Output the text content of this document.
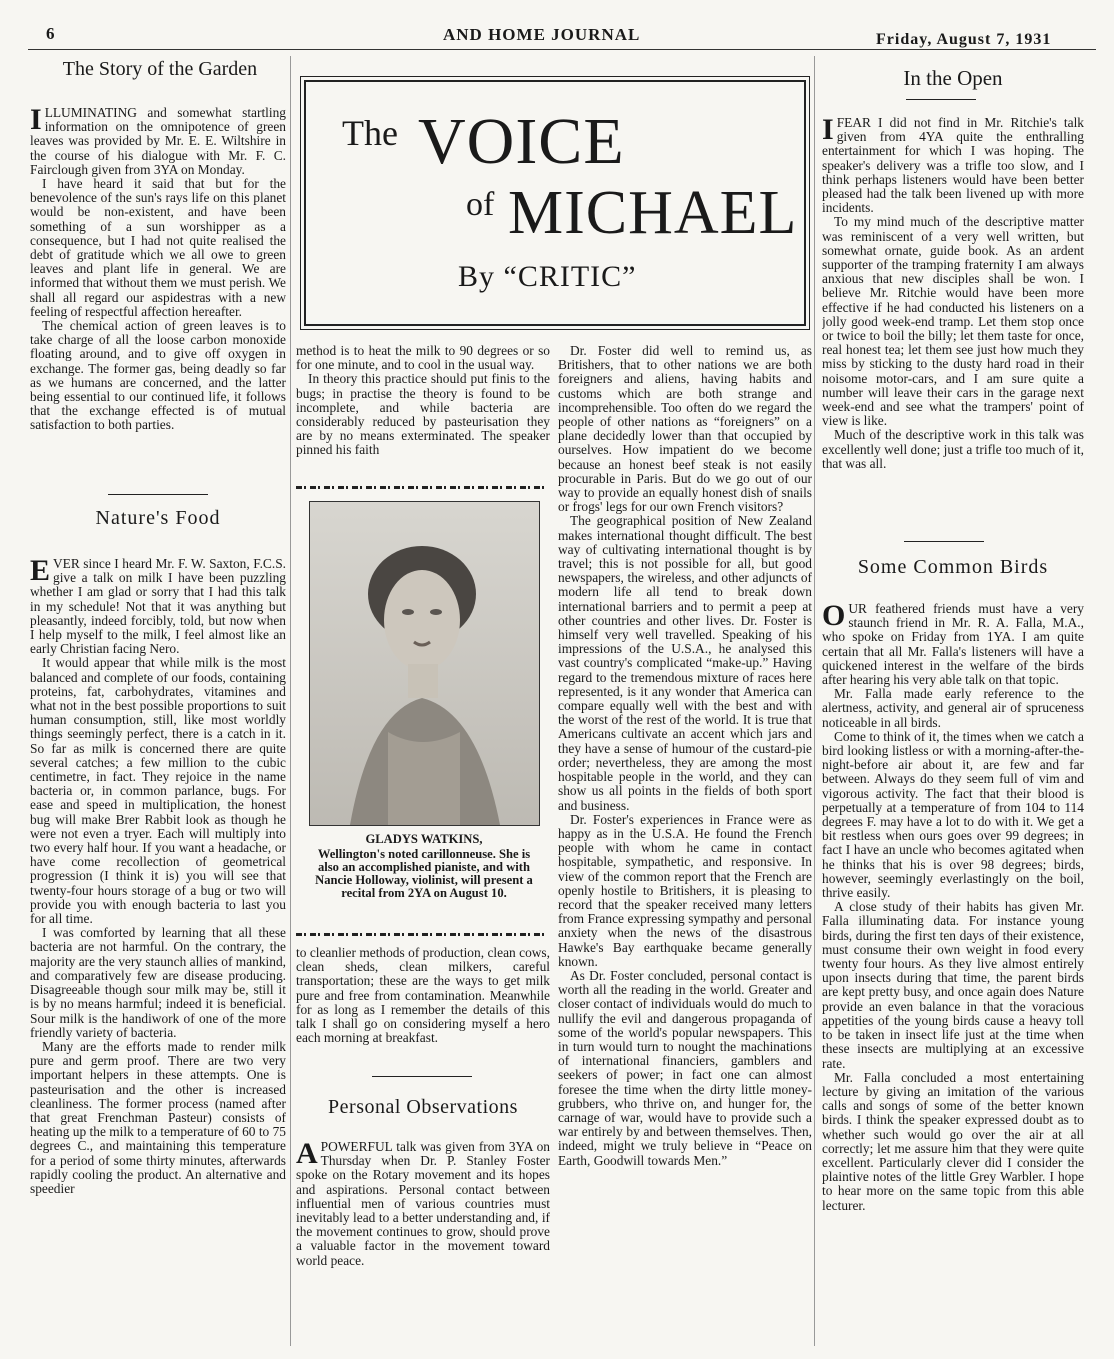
6	AND HOME JOURNAL	Friday, August 7, 1931
The VOICE
of MICHAEL
By “CRITIC”
The Story of the Garden

ILLUMINATING and somewhat startling information on the omnipotence of green leaves was provided by Mr. E. E. Wiltshire in the course of his dialogue with Mr. F. C. Fairclough given from 3YA on Monday.

I have heard it said that but for the benevolence of the sun's rays life on this planet would be non-existent, and have been something of a sun worshipper as a consequence, but I had not quite realised the debt of gratitude which we all owe to green leaves and plant life in general. We are informed that without them we must perish. We shall all regard our aspidestras with a new feeling of respectful affection hereafter.

The chemical action of green leaves is to take charge of all the loose carbon monoxide floating around, and to give off oxygen in exchange. The former gas, being deadly so far as we humans are concerned, and the latter being essential to our continued life, it follows that the exchange effected is of mutual satisfaction to both parties.

Nature's Food

EVER since I heard Mr. F. W. Saxton, F.C.S. give a talk on milk I have been puzzling whether I am glad or sorry that I had this talk in my schedule! Not that it was anything but pleasantly, indeed forcibly, told, but now when I help myself to the milk, I feel almost like an early Christian facing Nero.

It would appear that while milk is the most balanced and complete of our foods, containing proteins, fat, carbohydrates, vitamines and what not in the best possible proportions to suit human consumption, still, like most worldly things seemingly perfect, there is a catch in it. So far as milk is concerned there are quite several catches; a few million to the cubic centimetre, in fact. They rejoice in the name bacteria or, in common parlance, bugs. For ease and speed in multiplication, the honest bug will make Brer Rabbit look as though he were not even a tryer. Each will multiply into two every half hour. If you want a headache, or have come recollection of geometrical progression (I think it is) you will see that twenty-four hours storage of a bug or two will provide you with enough bacteria to last you for all time.

I was comforted by learning that all these bacteria are not harmful. On the contrary, the majority are the very staunch allies of mankind, and comparatively few are disease producing. Disagreeable though sour milk may be, still it is by no means harmful; indeed it is beneficial. Sour milk is the handiwork of one of the more friendly variety of bacteria.

Many are the efforts made to render milk pure and germ proof. There are two very important helpers in these attempts. One is pasteurisation and the other is increased cleanliness. The former process (named after that great Frenchman Pasteur) consists of heating up the milk to a temperature of 60 to 75 degrees C., and maintaining this temperature for a period of some thirty minutes, afterwards rapidly cooling the product. An alternative and speedier

method is to heat the milk to 90 degrees or so for one minute, and to cool in the usual way.

In theory this practice should put finis to the bugs; in practise the theory is found to be incomplete, and while bacteria are considerably reduced by pasteurisation they are by no means exterminated. The speaker pinned his faith

GLADYS WATKINS,
Wellington's noted carillonneuse. She is also an accomplished pianiste, and with Nancie Holloway, violinist, will present a recital from 2YA on August 10.

to cleanlier methods of production, clean cows, clean sheds, clean milkers, careful transportation; these are the ways to get milk pure and free from contamination. Meanwhile for as long as I remember the details of this talk I shall go on considering myself a hero each morning at breakfast.

Personal Observations

APOWERFUL talk was given from 3YA on Thursday when Dr. P. Stanley Foster spoke on the Rotary movement and its hopes and aspirations. Personal contact between influential men of various countries must inevitably lead to a better understanding and, if the movement continues to grow, should prove a valuable factor in the movement toward world peace.

Dr. Foster did well to remind us, as Britishers, that to other nations we are both foreigners and aliens, having habits and customs which are both strange and incomprehensible. Too often do we regard the people of other nations as “foreigners” on a plane decidedly lower than that occupied by ourselves. How impatient do we become because an honest beef steak is not easily procurable in Paris. But do we go out of our way to provide an equally honest dish of snails or frogs' legs for our own French visitors?

The geographical position of New Zealand makes international thought difficult. The best way of cultivating international thought is by travel; this is not possible for all, but good newspapers, the wireless, and other adjuncts of modern life all tend to break down international barriers and to permit a peep at other countries and other lives. Dr. Foster is himself very well travelled. Speaking of his impressions of the U.S.A., he analysed this vast country's complicated “make-up.” Having regard to the tremendous mixture of races here represented, is it any wonder that America can compare equally well with the best and with the worst of the rest of the world. It is true that Americans cultivate an accent which jars and they have a sense of humour of the custard-pie order; nevertheless, they are among the most hospitable people in the world, and they can show us all points in the fields of both sport and business.

Dr. Foster's experiences in France were as happy as in the U.S.A. He found the French people with whom he came in contact hospitable, sympathetic, and responsive. In view of the common report that the French are openly hostile to Britishers, it is pleasing to record that the speaker received many letters from France expressing sympathy and personal anxiety when the news of the disastrous Hawke's Bay earthquake became generally known.

As Dr. Foster concluded, personal contact is worth all the reading in the world. Greater and closer contact of individuals would do much to nullify the evil and dangerous propaganda of some of the world's popular newspapers. This in turn would turn to nought the machinations of international financiers, gamblers and seekers of power; in fact one can almost foresee the time when the dirty little money-grubbers, who thrive on, and hunger for, the carnage of war, would have to provide such a war entirely by and between themselves. Then, indeed, might we truly believe in “Peace on Earth, Goodwill towards Men.”

In the Open

IFEAR I did not find in Mr. Ritchie's talk given from 4YA quite the enthralling entertainment for which I was hoping. The speaker's delivery was a trifle too slow, and I think perhaps listeners would have been better pleased had the talk been livened up with more incidents.

To my mind much of the descriptive matter was reminiscent of a very well written, but somewhat ornate, guide book. As an ardent supporter of the tramping fraternity I am always anxious that new disciples shall be won. I believe Mr. Ritchie would have been more effective if he had conducted his listeners on a jolly good week-end tramp. Let them stop once or twice to boil the billy; let them taste for once, real honest tea; let them see just how much they miss by sticking to the dusty hard road in their noisome motor-cars, and I am sure quite a number will leave their cars in the garage next week-end and see what the trampers' point of view is like.

Much of the descriptive work in this talk was excellently well done; just a trifle too much of it, that was all.

Some Common Birds

OUR feathered friends must have a very staunch friend in Mr. R. A. Falla, M.A., who spoke on Friday from 1YA. I am quite certain that all Mr. Falla's listeners will have a quickened interest in the welfare of the birds after hearing his very able talk on that topic.

Mr. Falla made early reference to the alertness, activity, and general air of spruceness noticeable in all birds.

Come to think of it, the times when we catch a bird looking listless or with a morning-after-the-night-before air about it, are few and far between. Always do they seem full of vim and vigorous activity. The fact that their blood is perpetually at a temperature of from 104 to 114 degrees F. may have a lot to do with it. We get a bit restless when ours goes over 99 degrees; in fact I have an uncle who becomes agitated when he thinks that his is over 98 degrees; birds, however, seemingly everlastingly on the boil, thrive easily.

A close study of their habits has given Mr. Falla illuminating data. For instance young birds, during the first ten days of their existence, must consume their own weight in food every twenty four hours. As they live almost entirely upon insects during that time, the parent birds are kept pretty busy, and once again does Nature provide an even balance in that the voracious appetities of the young birds cause a heavy toll to be taken in insect life just at the time when these insects are multiplying at an excessive rate.

Mr. Falla concluded a most entertaining lecture by giving an imitation of the various calls and songs of some of the better known birds. I think the speaker expressed doubt as to whether such would go over the air at all correctly; let me assure him that they were quite excellent. Particularly clever did I consider the plaintive notes of the little Grey Warbler. I hope to hear more on the same topic from this able lecturer.
